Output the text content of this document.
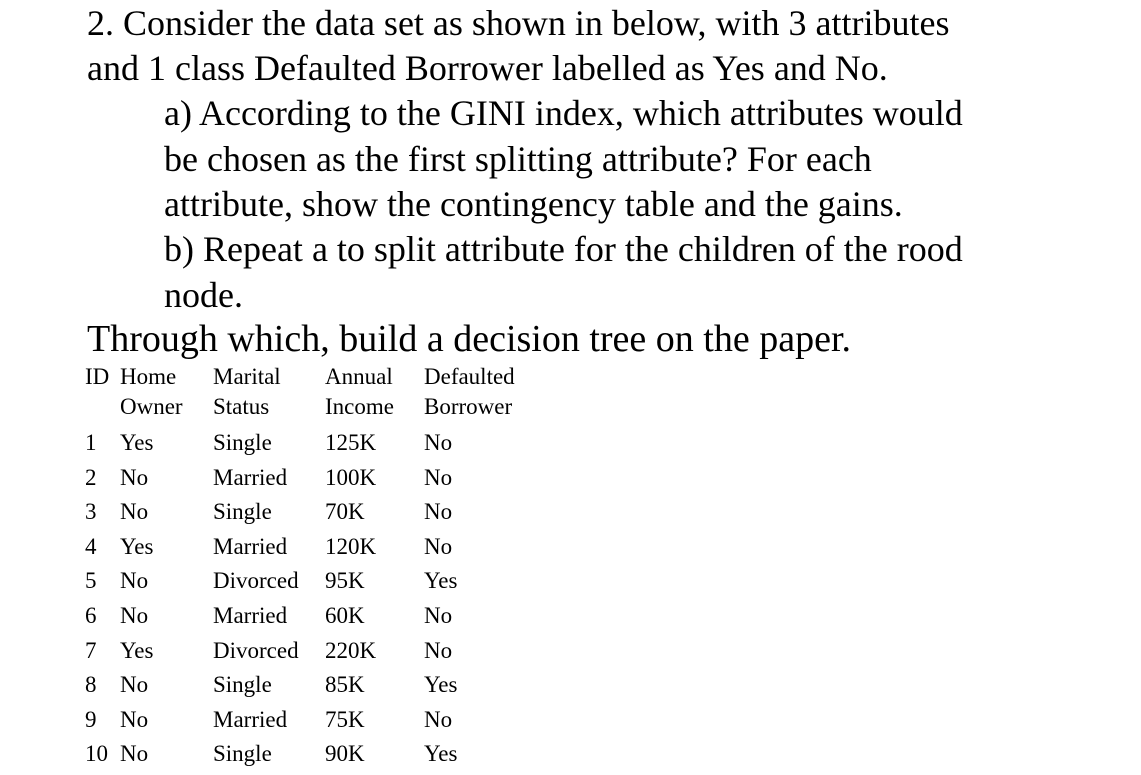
2. Consider the data set as shown in below, with 3 attributes
and 1 class Defaulted Borrower labelled as Yes and No.
a) According to the GINI index, which attributes would
be chosen as the first splitting attribute? For each
attribute, show the contingency table and the gains.
b) Repeat a to split attribute for the children of the rood
node.
Through which, build a decision tree on the paper.
ID	Home	Marital	Annual	Defaulted
	Owner	Status	Income	Borrower
1	Yes	Single	125K	No
2	No	Married	100K	No
3	No	Single	70K	No
4	Yes	Married	120K	No
5	No	Divorced	95K	Yes
6	No	Married	60K	No
7	Yes	Divorced	220K	No
8	No	Single	85K	Yes
9	No	Married	75K	No
10	No	Single	90K	Yes
